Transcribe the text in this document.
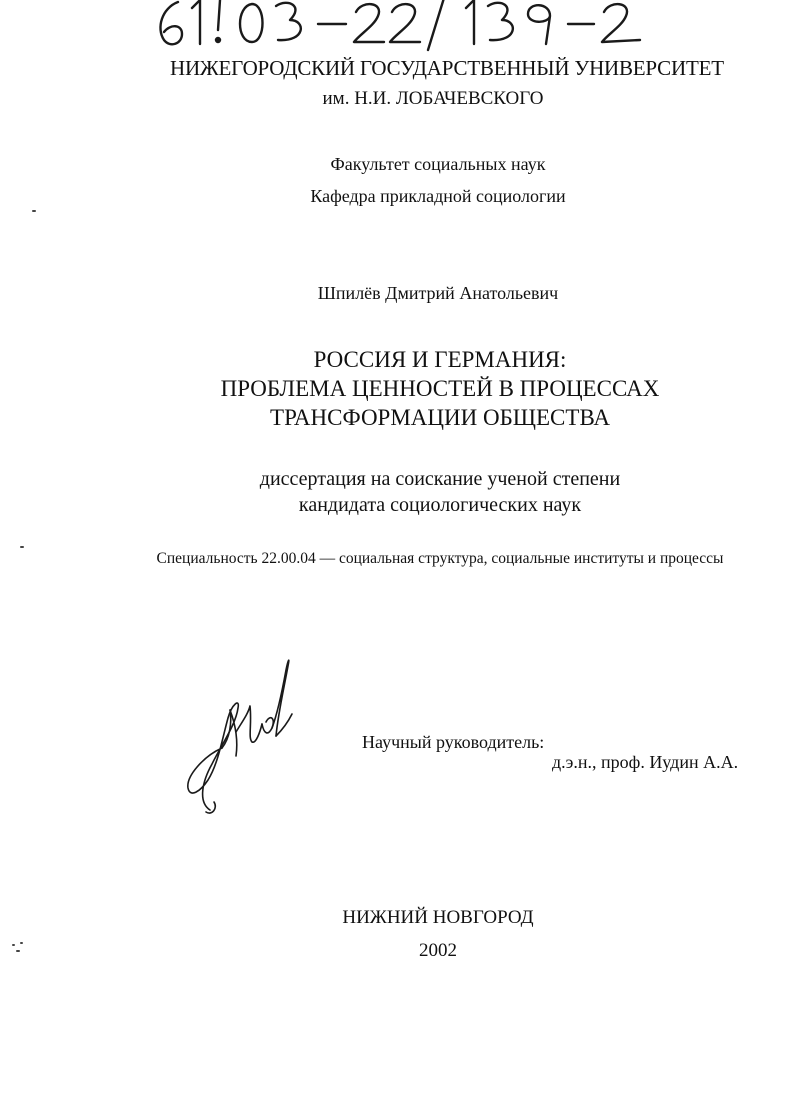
НИЖЕГОРОДСКИЙ ГОСУДАРСТВЕННЫЙ УНИВЕРСИТЕТ
им. Н.И. ЛОБАЧЕВСКОГО
Факультет социальных наук
Кафедра прикладной социологии
Шпилёв Дмитрий Анатольевич
РОССИЯ И ГЕРМАНИЯ:
ПРОБЛЕМА ЦЕННОСТЕЙ В ПРОЦЕССАХ
ТРАНСФОРМАЦИИ ОБЩЕСТВА
диссертация на соискание ученой степени
кандидата социологических наук
Специальность 22.00.04 — социальная структура, социальные институты и процессы
Научный руководитель:
д.э.н., проф. Иудин А.А.
НИЖНИЙ НОВГОРОД
2002
